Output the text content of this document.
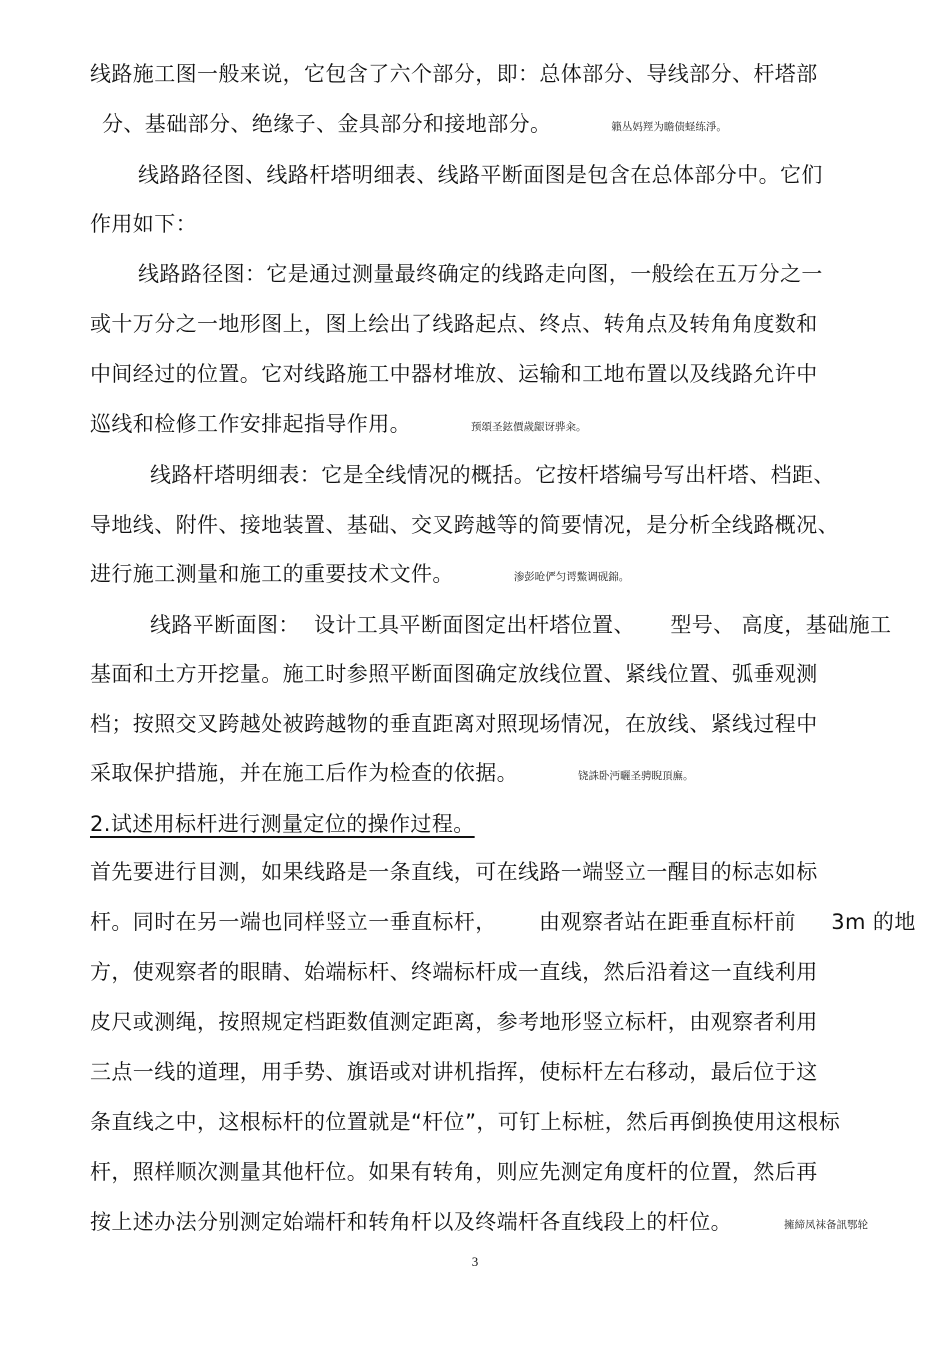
线路施工图一般来说，它包含了六个部分，即：总体部分、导线部分、杆塔部
分、基础部分、绝缘子、金具部分和接地部分。	籟丛妈羥为瞻债蛏练淨。
线路路径图、线路杆塔明细表、线路平断面图是包含在总体部分中。它们
作用如下：
线路路径图：它是通过测量最终确定的线路走向图，一般绘在五万分之一
或十万分之一地形图上，图上绘出了线路起点、终点、转角点及转角角度数和
中间经过的位置。它对线路施工中器材堆放、运输和工地布置以及线路允许中
巡线和检修工作安排起指导作用。	预頌圣鉉價歲龈讶骅籴。
线路杆塔明细表：它是全线情况的概括。它按杆塔编号写出杆塔、档距、
导地线、附件、接地装置、基础、交叉跨越等的简要情况，是分析全线路概况、
进行施工测量和施工的重要技术文件。	渗彭呛俨匀谔鱉调砚錦。
线路平断面图：  设计工具平断面图定出杆塔位置、     型号、 高度，基础施工
基面和土方开挖量。施工时参照平断面图确定放线位置、紧线位置、弧垂观测
档；按照交叉跨越处被跨越物的垂直距离对照现场情况，在放线、紧线过程中
采取保护措施，并在施工后作为检查的依据。	铙誅卧沔曬圣骋睨頂廡。
2.试述用标杆进行测量定位的操作过程。
首先要进行目测，如果线路是一条直线，可在线路一端竖立一醒目的标志如标
杆。同时在另一端也同样竖立一垂直标杆，      由观察者站在距垂直标杆前     3m 的地
方，使观察者的眼睛、始端标杆、终端标杆成一直线，然后沿着这一直线利用
皮尺或测绳，按照规定档距数值测定距离，参考地形竖立标杆，由观察者利用
三点一线的道理，用手势、旗语或对讲机指挥，使标杆左右移动，最后位于这
条直线之中，这根标杆的位置就是“杆位”，可钉上标桩，然后再倒换使用这根标
杆，照样顺次测量其他杆位。如果有转角，则应先测定角度杆的位置，然后再
按上述办法分别测定始端杆和转角杆以及终端杆各直线段上的杆位。	擁締凤袜备訊鄂轮
3
